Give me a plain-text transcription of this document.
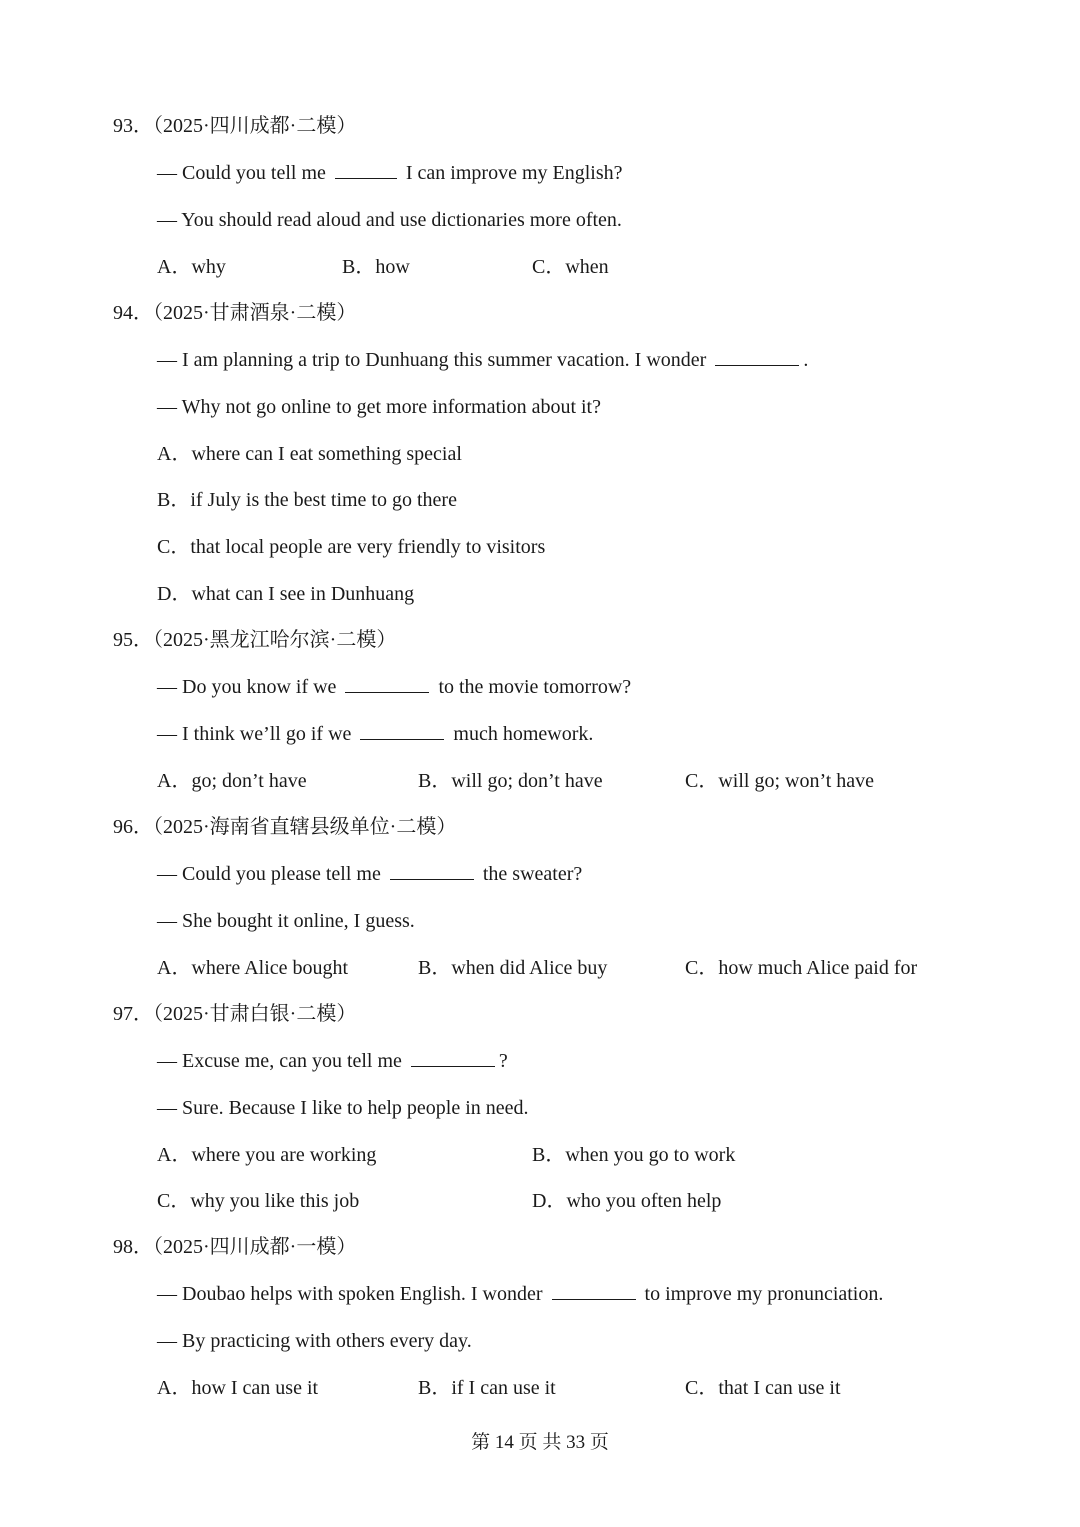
93．（2025·四川成都·二模）
— Could you tell me	I can improve my English?
— You should read aloud and use dictionaries more often.
A．why	B．how	C．when
94．（2025·甘肃酒泉·二模）
— I am planning a trip to Dunhuang this summer vacation. I wonder	.
— Why not go online to get more information about it?
A．where can I eat something special
B．if July is the best time to go there
C．that local people are very friendly to visitors
D．what can I see in Dunhuang
95．（2025·黑龙江哈尔滨·二模）
— Do you know if we	to the movie tomorrow?
— I think we’ll go if we	much homework.
A．go; don’t have	B．will go; don’t have	C．will go; won’t have
96．（2025·海南省直辖县级单位·二模）
— Could you please tell me	the sweater?
— She bought it online, I guess.
A．where Alice bought	B．when did Alice buy	C．how much Alice paid for
97．（2025·甘肃白银·二模）
— Excuse me, can you tell me	?
— Sure. Because I like to help people in need.
A．where you are working	B．when you go to work
C．why you like this job	D．who you often help
98．（2025·四川成都·一模）
— Doubao helps with spoken English. I wonder	to improve my pronunciation.
— By practicing with others every day.
A．how I can use it	B．if I can use it	C．that I can use it
第 14 页 共 33 页
